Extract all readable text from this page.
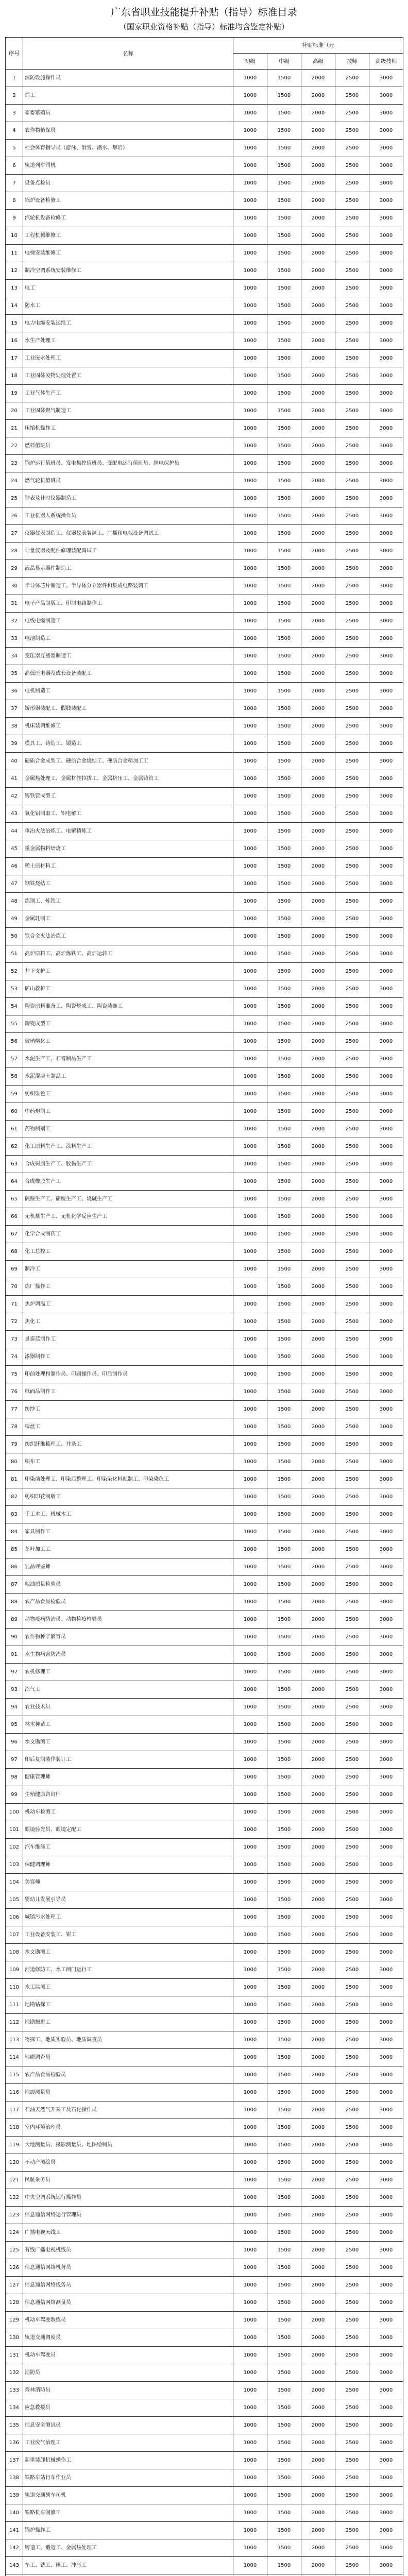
广东省职业技能提升补贴（指导）标准目录
（国家职业资格补贴（指导）标准均含鉴定补贴）
序号	名称	补贴标准（元				
		初级	中级	高级	技师	高级技师
1	消防设施操作员	1000	1500	2000	2500	3000
2	焊工	1000	1500	2000	2500	3000
3	家畜繁殖员	1000	1500	2000	2500	3000
4	农作物植保员	1000	1500	2000	2500	3000
5	社会体育指导员（游泳、滑雪、潜水、攀岩）	1000	1500	2000	2500	3000
6	轨道列车司机	1000	1500	2000	2500	3000
7	设备点检员	1000	1500	2000	2500	3000
8	锅炉设备检修工	1000	1500	2000	2500	3000
9	汽轮机设备检修工	1000	1500	2000	2500	3000
10	工程机械维修工	1000	1500	2000	2500	3000
11	电梯安装维修工	1000	1500	2000	2500	3000
12	制冷空调系统安装维修工	1000	1500	2000	2500	3000
13	电工	1000	1500	2000	2500	3000
14	防水工	1000	1500	2000	2500	3000
15	电力电缆安装运维工	1000	1500	2000	2500	3000
16	水生产处理工	1000	1500	2000	2500	3000
17	工业废水处理工	1000	1500	2000	2500	3000
18	工业固体废物处理处置工	1000	1500	2000	2500	3000
19	工业气体生产工	1000	1500	2000	2500	3000
20	工业固体燃气制造工	1000	1500	2000	2500	3000
21	压缩机操作工	1000	1500	2000	2500	3000
22	燃料值班员	1000	1500	2000	2500	3000
23	锅炉运行值班员、发电集控值班员、变配电运行值班员、继电保护员	1000	1500	2000	2500	3000
24	燃气轮机值班员	1000	1500	2000	2500	3000
25	钟表及计时仪器制造工	1000	1500	2000	2500	3000
26	工业机器人系统操作员	1000	1500	2000	2500	3000
27	仪器仪表制造工、仪器仪表装调工、广播和电视设备调试工	1000	1500	2000	2500	3000
28	计量仪器及配件修理装配调试工	1000	1500	2000	2500	3000
29	液晶显示器件制造工	1000	1500	2000	2500	3000
30	半导体芯片制造工、半导体分立器件和集成电路装调工	1000	1500	2000	2500	3000
31	电子产品制版工、印制电路制作工	1000	1500	2000	2500	3000
32	电线电缆制造工	1000	1500	2000	2500	3000
33	电池制造工	1000	1500	2000	2500	3000
34	变压器互感器制造工	1000	1500	2000	2500	3000
35	高低压电器及成套设备装配工	1000	1500	2000	2500	3000
36	电机制造工	1000	1500	2000	2500	3000
37	矫形器装配工、假肢装配工	1000	1500	2000	2500	3000
38	机床装调维修工	1000	1500	2000	2500	3000
39	模具工、铸造工、锻造工	1000	1500	2000	2500	3000
40	硬质合金成型工、硬质合金烧结工、硬质合金精加工工	1000	1500	2000	2500	3000
41	金属热处理工、金属材丝拉拔工、金属挤压工、金属铸管工	1000	1500	2000	2500	3000
42	铸铁管成型工	1000	1500	2000	2500	3000
43	氧化铝制取工、铝电解工	1000	1500	2000	2500	3000
44	重冶火法冶炼工、电解精炼工	1000	1500	2000	2500	3000
45	重金属物料焙烧工	1000	1500	2000	2500	3000
46	稀土原材料工	1000	1500	2000	2500	3000
47	钢铁烧结工	1000	1500	2000	2500	3000
48	炼钢工、炼铁工	1000	1500	2000	2500	3000
49	金属轧制工	1000	1500	2000	2500	3000
50	铁合金火法冶炼工	1000	1500	2000	2500	3000
51	高炉原料工、高炉炼铁工、高炉运转工	1000	1500	2000	2500	3000
52	井下支护工	1000	1500	2000	2500	3000
53	矿山救护工	1000	1500	2000	2500	3000
54	陶瓷原料准备工、陶瓷烧成工、陶瓷装饰工	1000	1500	2000	2500	3000
55	陶瓷成型工	1000	1500	2000	2500	3000
56	玻璃熔化工	1000	1500	2000	2500	3000
57	水泥生产工、石膏制品生产工	1000	1500	2000	2500	3000
58	水泥混凝土制品工	1000	1500	2000	2500	3000
59	纺织染色工	1000	1500	2000	2500	3000
60	中药炮制工	1000	1500	2000	2500	3000
61	药物制剂工	1000	1500	2000	2500	3000
62	化工原料生产工、涂料生产工	1000	1500	2000	2500	3000
63	合成树脂生产工、胶黏生产工	1000	1500	2000	2500	3000
64	合成橡胶生产工	1000	1500	2000	2500	3000
65	硫酸生产工、硝酸生产工、烧碱生产工	1000	1500	2000	2500	3000
66	无机盐生产工、无机化学反应生产工	1000	1500	2000	2500	3000
67	化学合成制药工	1000	1500	2000	2500	3000
68	化工总控工	1000	1500	2000	2500	3000
69	制冷工	1000	1500	2000	2500	3000
70	炼厂操作工	1000	1500	2000	2500	3000
71	焦炉调温工	1000	1500	2000	2500	3000
72	焦化工	1000	1500	2000	2500	3000
73	景泰蓝制作工	1000	1500	2000	2500	3000
74	漆器制作工	1000	1500	2000	2500	3000
75	印前处理和制作员、印刷操作员、印后制作员	1000	1500	2000	2500	3000
76	纸面品制作工	1000	1500	2000	2500	3000
77	纺纱工	1000	1500	2000	2500	3000
78	缫丝工	1000	1500	2000	2500	3000
79	纺织纤维梳理工、并条工	1000	1500	2000	2500	3000
80	织布工	1000	1500	2000	2500	3000
81	印染前处理工、印染后整理工、印染染化料配制工、印染染色工	1000	1500	2000	2500	3000
82	纺织印花制版工	1000	1500	2000	2500	3000
83	手工木工、机械木工	1000	1500	2000	2500	3000
84	家具制作工	1000	1500	2000	2500	3000
85	茶叶加工工	1000	1500	2000	2500	3000
86	乳品评鉴师	1000	1500	2000	2500	3000
87	粮油质量检验员	1000	1500	2000	2500	3000
88	农产品食品检验员	1000	1500	2000	2500	3000
89	动物疫病防治员、动物检疫检验员	1000	1500	2000	2500	3000
90	农作物种子繁育员	1000	1500	2000	2500	3000
91	水生物病害防治员	1000	1500	2000	2500	3000
92	农机修理工	1000	1500	2000	2500	3000
93	沼气工	1000	1500	2000	2500	3000
94	农业技术员	1000	1500	2000	2500	3000
95	林木种苗工	1000	1500	2000	2500	3000
96	水文勘测工	1000	1500	2000	2500	3000
97	印后复制装作装订工	1000	1500	2000	2500	3000
98	健康管理师	1000	1500	2000	2500	3000
99	生殖健康咨询师	1000	1500	2000	2500	3000
100	机动车检测工	1000	1500	2000	2500	3000
101	眼镜验光员、眼镜定配工	1000	1500	2000	2500	3000
102	汽车维修工	1000	1500	2000	2500	3000
103	保健调理师	1000	1500	2000	2500	3000
104	美容师	1000	1500	2000	2500	3000
105	婴幼儿发展引导员	1000	1500	2000	2500	3000
106	城镇污水处理工	1000	1500	2000	2500	3000
107	工业设备安装工、钳工	1000	1500	2000	2500	3000
108	水文勘测工	1000	1500	2000	2500	3000
109	河道修防工、水工闸门运行工	1000	1500	2000	2500	3000
110	水工监测工	1000	1500	2000	2500	3000
111	地勘钻探工	1000	1500	2000	2500	3000
112	地勘掘进工	1000	1500	2000	2500	3000
113	物探工、地质实验员、地质调查员	1000	1500	2000	2500	3000
114	地质调查员	1000	1500	2000	2500	3000
115	农产品食品检验员	1000	1500	2000	2500	3000
116	地震测量员	1000	1500	2000	2500	3000
117	石油天然气开采工及石化操作员	1000	1500	2000	2500	3000
118	室内环境治理员	1000	1500	2000	2500	3000
119	大地测量员、摄影测量员、地图绘制员	1000	1500	2000	2500	3000
120	不动产测绘员	1000	1500	2000	2500	3000
121	民航乘务员	1000	1500	2000	2500	3000
122	中央空调系统运行操作员	1000	1500	2000	2500	3000
123	信息通信网络运行管理员	1000	1500	2000	2500	3000
124	广播电视天线工	1000	1500	2000	2500	3000
125	有线广播电视机线员	1000	1500	2000	2500	3000
126	信息通信网络机务员	1000	1500	2000	2500	3000
127	信息通信网络线务员	1000	1500	2000	2500	3000
128	信息通信网络测量员	1000	1500	2000	2500	3000
129	机动车驾驶教练员	1000	1500	2000	2500	3000
130	轨道交通调度员	1000	1500	2000	2500	3000
131	机动车驾驶员	1000	1500	2000	2500	3000
132	消防员	1000	1500	2000	2500	3000
133	森林消防员	1000	1500	2000	2500	3000
134	应急救援员	1000	1500	2000	2500	3000
135	信息安全测试员	1000	1500	2000	2500	3000
136	工业废气治理工	1000	1500	2000	2500	3000
137	起重装卸机械操作工	1000	1500	2000	2500	3000
138	铁路车站行车作业员	1000	1500	2000	2500	3000
139	轨道交通列车司机	1000	1500	2000	2500	3000
140	铁路机车制修工	1000	1500	2000	2500	3000
141	锅炉操作工	1000	1500	2000	2500	3000
142	铸造工、锻造工、金属热处理工	1000	1500	2000	2500	3000
143	车工、铣工、刨工、冲压工	1000	1500	2000	2500	3000
